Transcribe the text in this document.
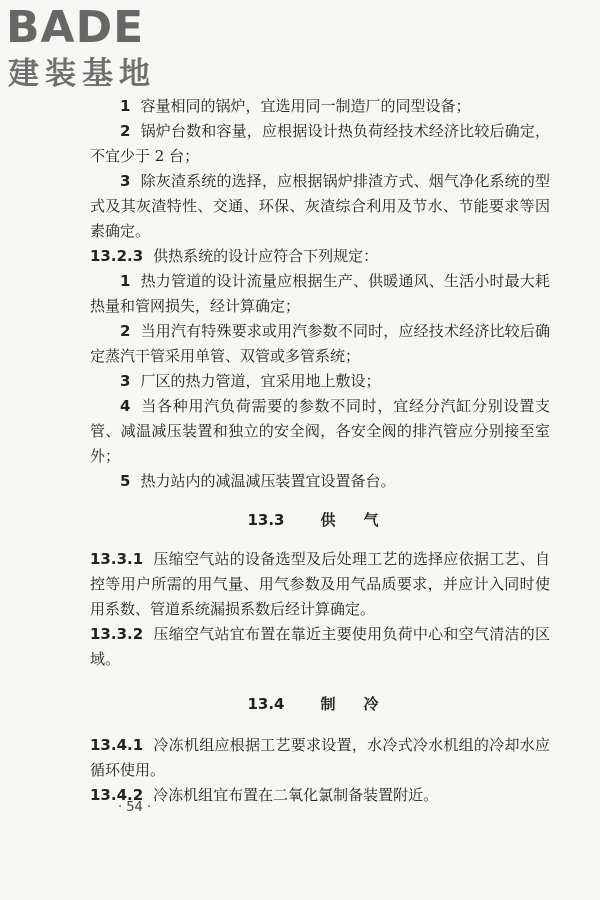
BADE
建装基地

1 容量相同的锅炉，宜选用同一制造厂的同型设备；

2 锅炉台数和容量，应根据设计热负荷经技术经济比较后确定，不宜少于 2 台；

3 除灰渣系统的选择，应根据锅炉排渣方式、烟气净化系统的型式及其灰渣特性、交通、环保、灰渣综合利用及节水、节能要求等因素确定。

13.2.3 供热系统的设计应符合下列规定：

1 热力管道的设计流量应根据生产、供暖通风、生活小时最大耗热量和管网损失，经计算确定；

2 当用汽有特殊要求或用汽参数不同时，应经技术经济比较后确定蒸汽干管采用单管、双管或多管系统；

3 厂区的热力管道，宜采用地上敷设；

4 当各种用汽负荷需要的参数不同时，宜经分汽缸分别设置支管、减温减压装置和独立的安全阀，各安全阀的排汽管应分别接至室外；

5 热力站内的减温减压装置宜设置备台。

13.3 供 气

13.3.1 压缩空气站的设备选型及后处理工艺的选择应依据工艺、自控等用户所需的用气量、用气参数及用气品质要求，并应计入同时使用系数、管道系统漏损系数后经计算确定。

13.3.2 压缩空气站宜布置在靠近主要使用负荷中心和空气清洁的区域。

13.4 制 冷

13.4.1 冷冻机组应根据工艺要求设置，水冷式冷水机组的冷却水应循环使用。

13.4.2 冷冻机组宜布置在二氧化氯制备装置附近。

· 54 ·
